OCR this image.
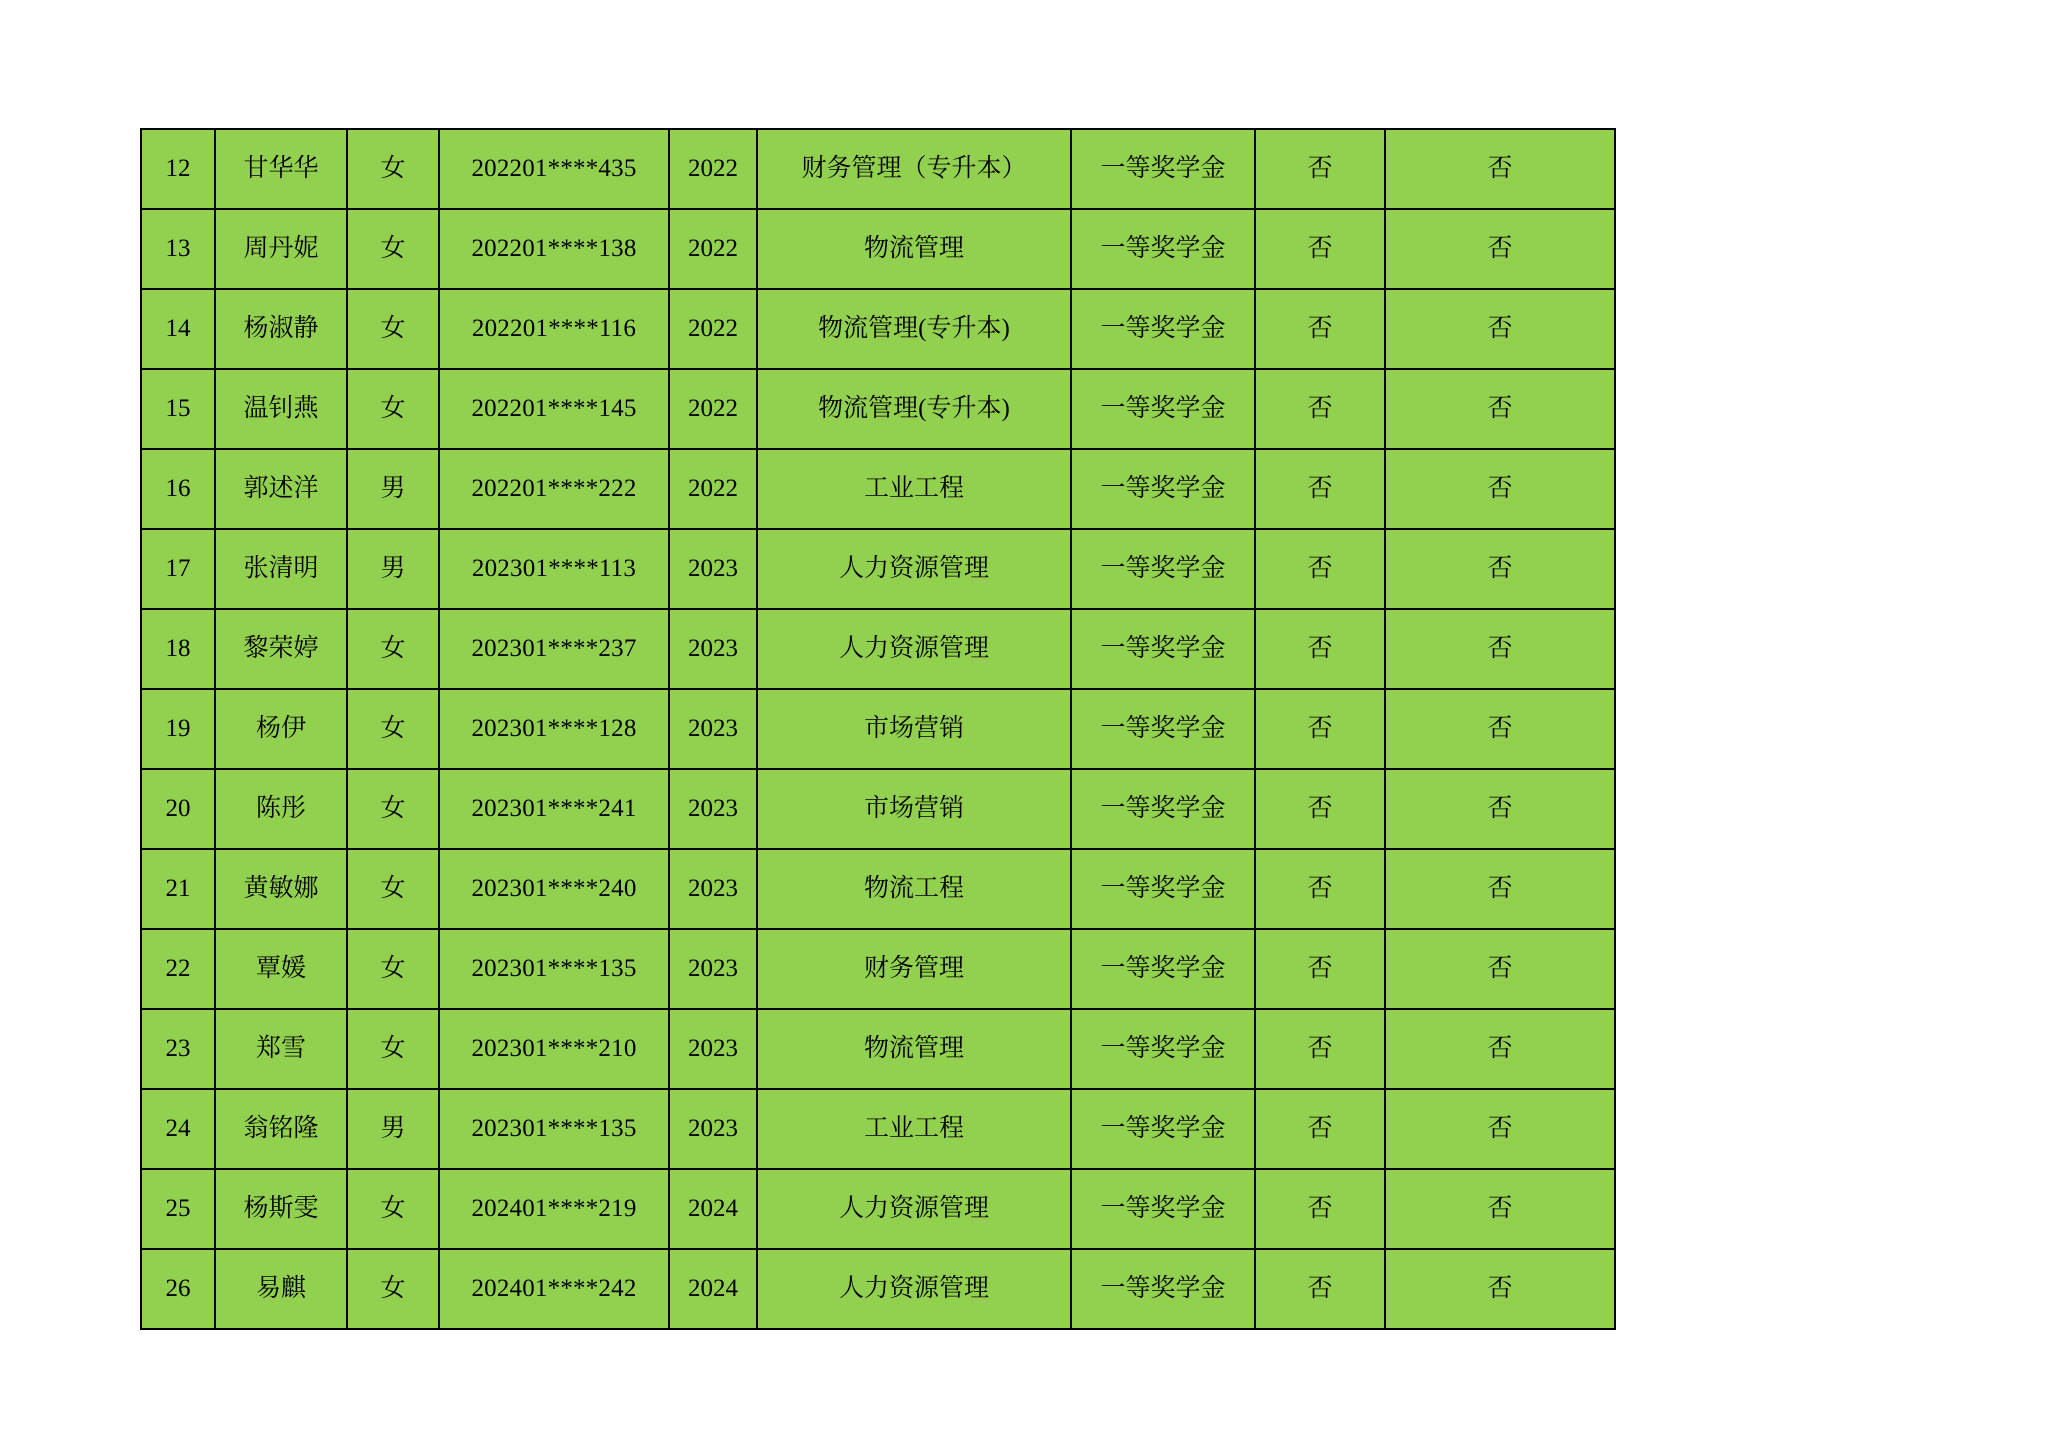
12	甘华华	女	202201****435	2022	财务管理（专升本）	一等奖学金	否	否
13	周丹妮	女	202201****138	2022	物流管理	一等奖学金	否	否
14	杨淑静	女	202201****116	2022	物流管理(专升本)	一等奖学金	否	否
15	温钊燕	女	202201****145	2022	物流管理(专升本)	一等奖学金	否	否
16	郭述洋	男	202201****222	2022	工业工程	一等奖学金	否	否
17	张清明	男	202301****113	2023	人力资源管理	一等奖学金	否	否
18	黎荣婷	女	202301****237	2023	人力资源管理	一等奖学金	否	否
19	杨伊	女	202301****128	2023	市场营销	一等奖学金	否	否
20	陈彤	女	202301****241	2023	市场营销	一等奖学金	否	否
21	黄敏娜	女	202301****240	2023	物流工程	一等奖学金	否	否
22	覃媛	女	202301****135	2023	财务管理	一等奖学金	否	否
23	郑雪	女	202301****210	2023	物流管理	一等奖学金	否	否
24	翁铭隆	男	202301****135	2023	工业工程	一等奖学金	否	否
25	杨斯雯	女	202401****219	2024	人力资源管理	一等奖学金	否	否
26	易麒	女	202401****242	2024	人力资源管理	一等奖学金	否	否
